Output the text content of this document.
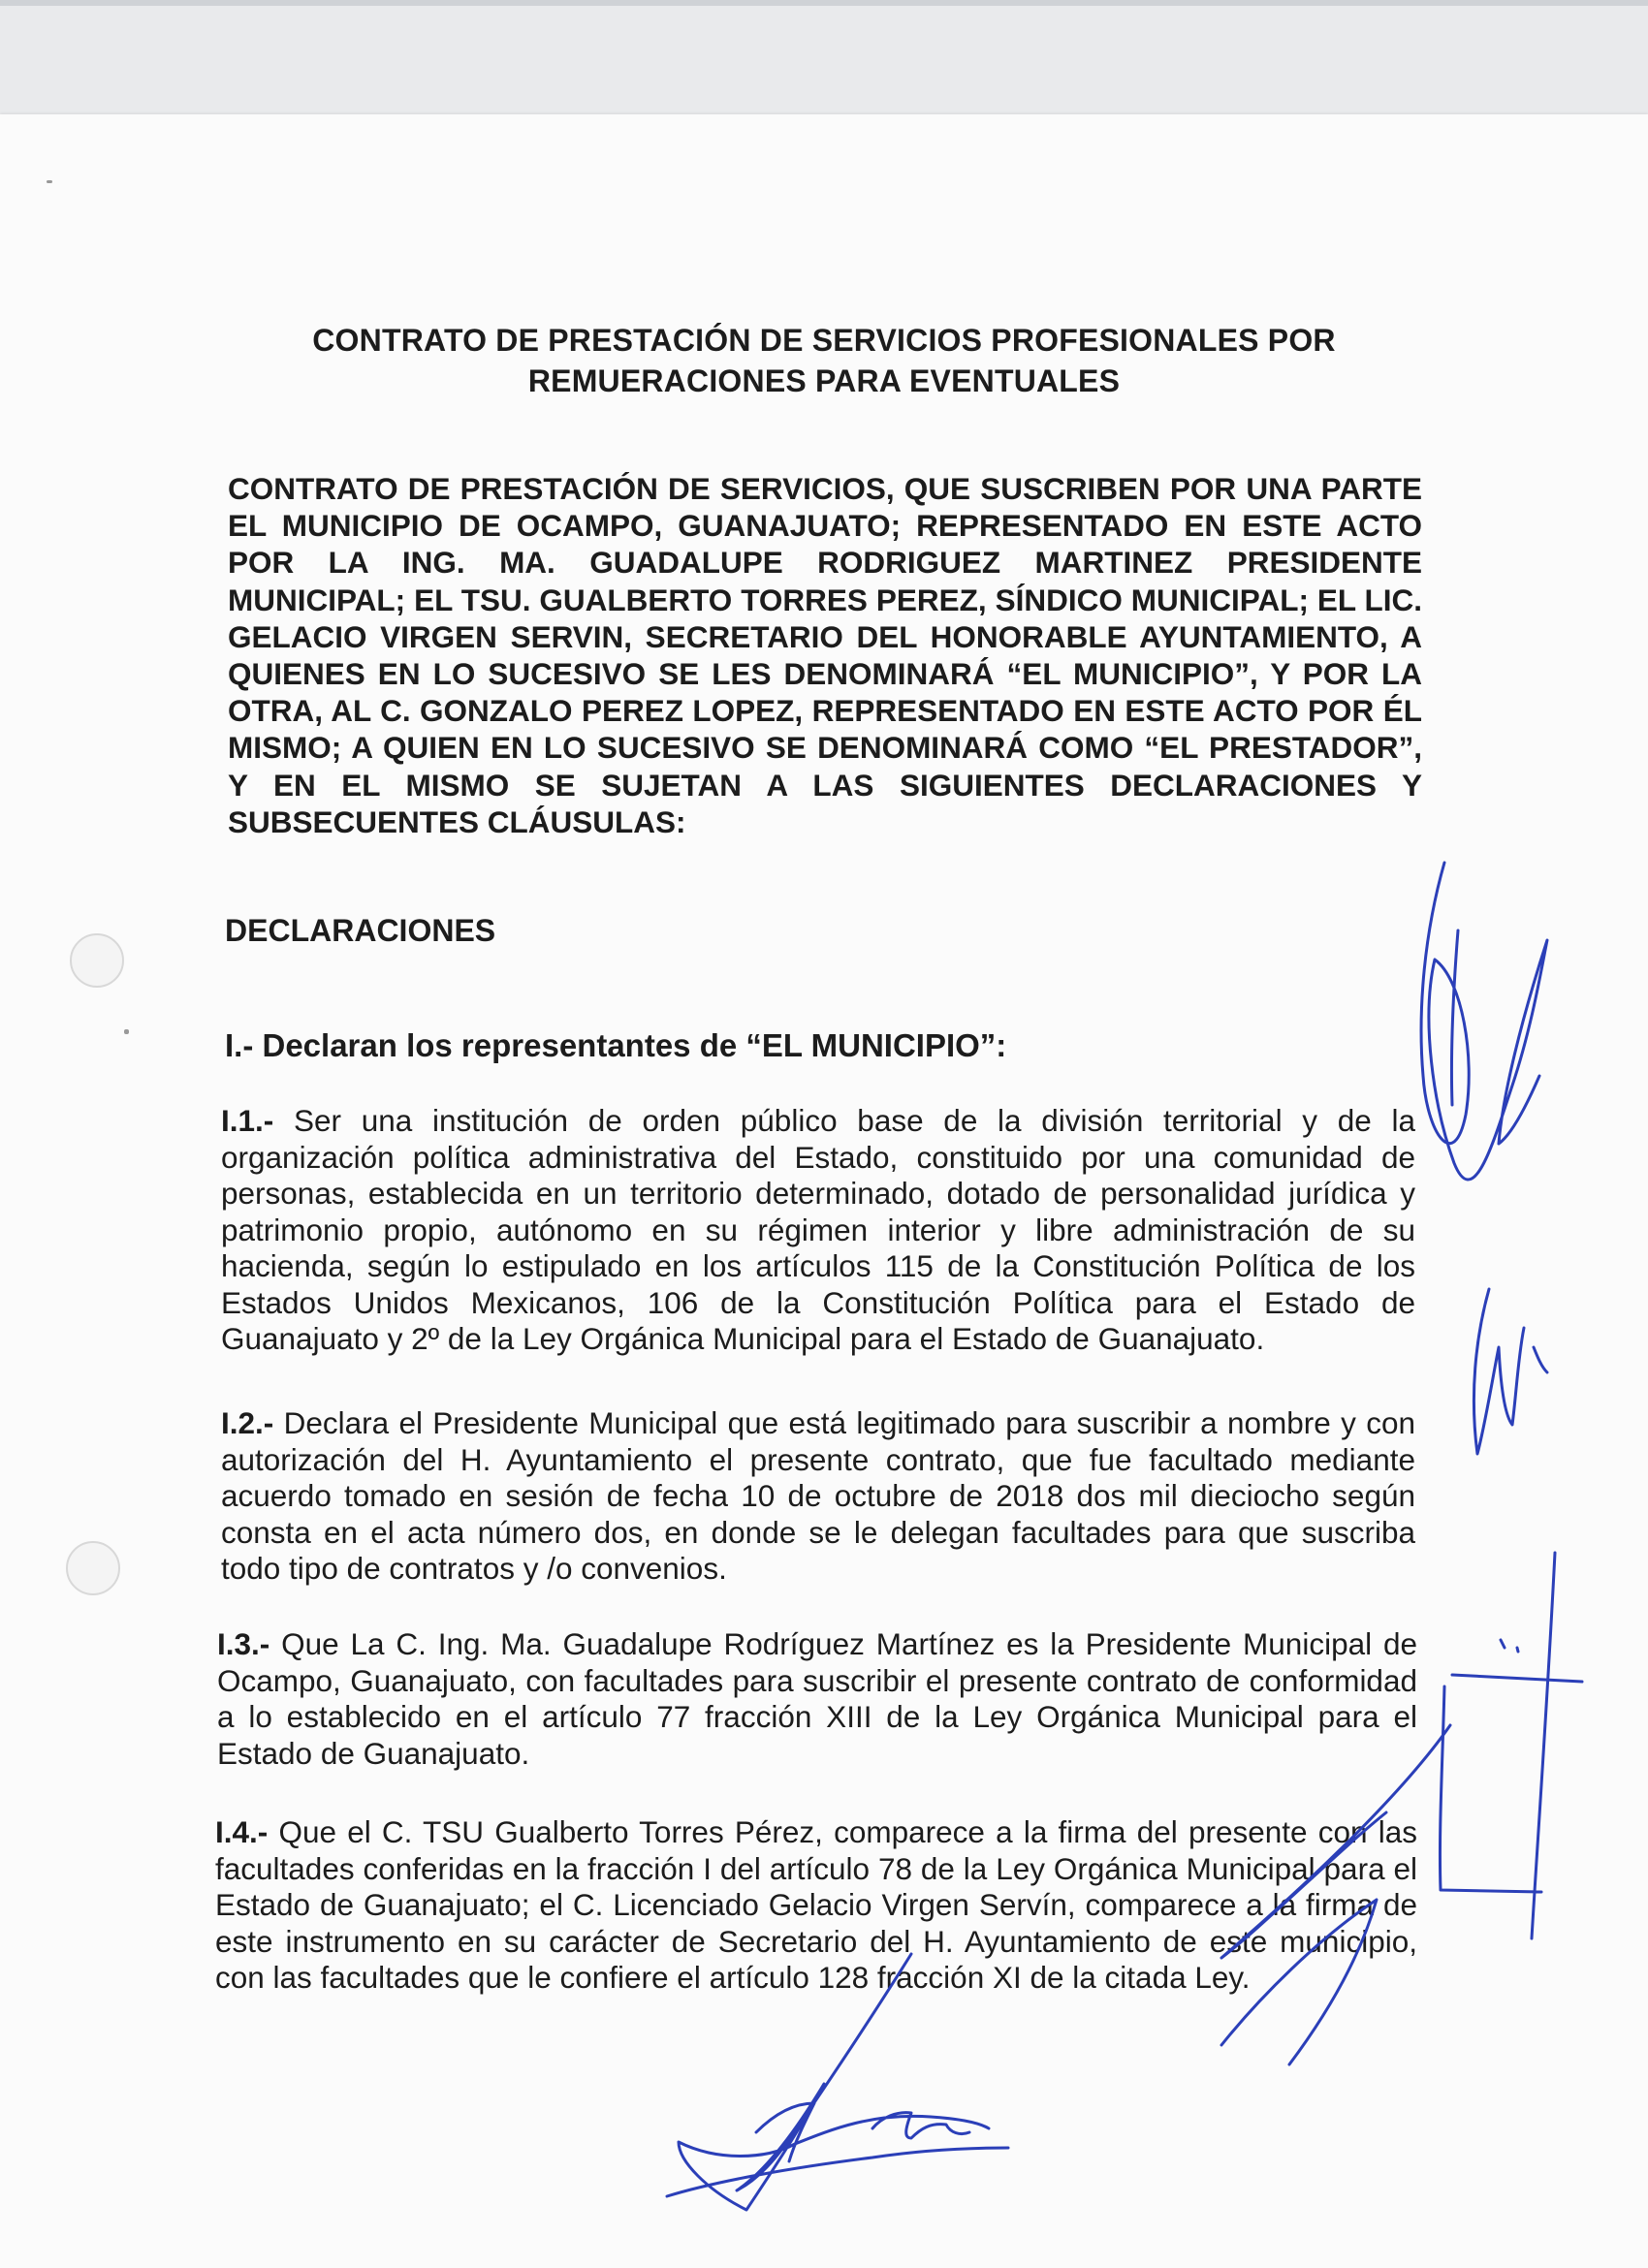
CONTRATO DE PRESTACIÓN DE SERVICIOS PROFESIONALES POR REMUERACIONES PARA EVENTUALES
CONTRATO DE PRESTACIÓN DE SERVICIOS, QUE SUSCRIBEN POR UNA PARTE EL MUNICIPIO DE OCAMPO, GUANAJUATO; REPRESENTADO EN ESTE ACTO POR LA ING. MA. GUADALUPE RODRIGUEZ MARTINEZ PRESIDENTE MUNICIPAL; EL TSU. GUALBERTO TORRES PEREZ, SÍNDICO MUNICIPAL; EL LIC. GELACIO VIRGEN SERVIN, SECRETARIO DEL HONORABLE AYUNTAMIENTO, A QUIENES EN LO SUCESIVO SE LES DENOMINARÁ “EL MUNICIPIO”, Y POR LA OTRA, AL C. GONZALO PEREZ LOPEZ, REPRESENTADO EN ESTE ACTO POR ÉL MISMO; A QUIEN EN LO SUCESIVO SE DENOMINARÁ COMO “EL PRESTADOR”, Y EN EL MISMO SE SUJETAN A LAS SIGUIENTES DECLARACIONES Y SUBSECUENTES CLÁUSULAS:
DECLARACIONES
I.- Declaran los representantes de “EL MUNICIPIO”:
I.1.- Ser una institución de orden público base de la división territorial y de la organización política administrativa del Estado, constituido por una comunidad de personas, establecida en un territorio determinado, dotado de personalidad jurídica y patrimonio propio, autónomo en su régimen interior y libre administración de su hacienda, según lo estipulado en los artículos 115 de la Constitución Política de los Estados Unidos Mexicanos, 106 de la Constitución Política para el Estado de Guanajuato y 2º de la Ley Orgánica Municipal para el Estado de Guanajuato.
I.2.- Declara el Presidente Municipal que está legitimado para suscribir a nombre y con autorización del H. Ayuntamiento el presente contrato, que fue facultado mediante acuerdo tomado en sesión de fecha 10 de octubre de 2018 dos mil dieciocho según consta en el acta número dos, en donde se le delegan facultades para que suscriba todo tipo de contratos y /o convenios.
I.3.- Que La C. Ing. Ma. Guadalupe Rodríguez Martínez es la Presidente Municipal de Ocampo, Guanajuato, con facultades para suscribir el presente contrato de conformidad a lo establecido en el artículo 77 fracción XIII de la Ley Orgánica Municipal para el Estado de Guanajuato.
I.4.- Que el C. TSU Gualberto Torres Pérez, comparece a la firma del presente con las facultades conferidas en la fracción I del artículo 78 de la Ley Orgánica Municipal para el Estado de Guanajuato; el C. Licenciado Gelacio Virgen Servín, comparece a la firma de este instrumento en su carácter de Secretario del H. Ayuntamiento de este municipio, con las facultades que le confiere el artículo 128 fracción XI de la citada Ley.
